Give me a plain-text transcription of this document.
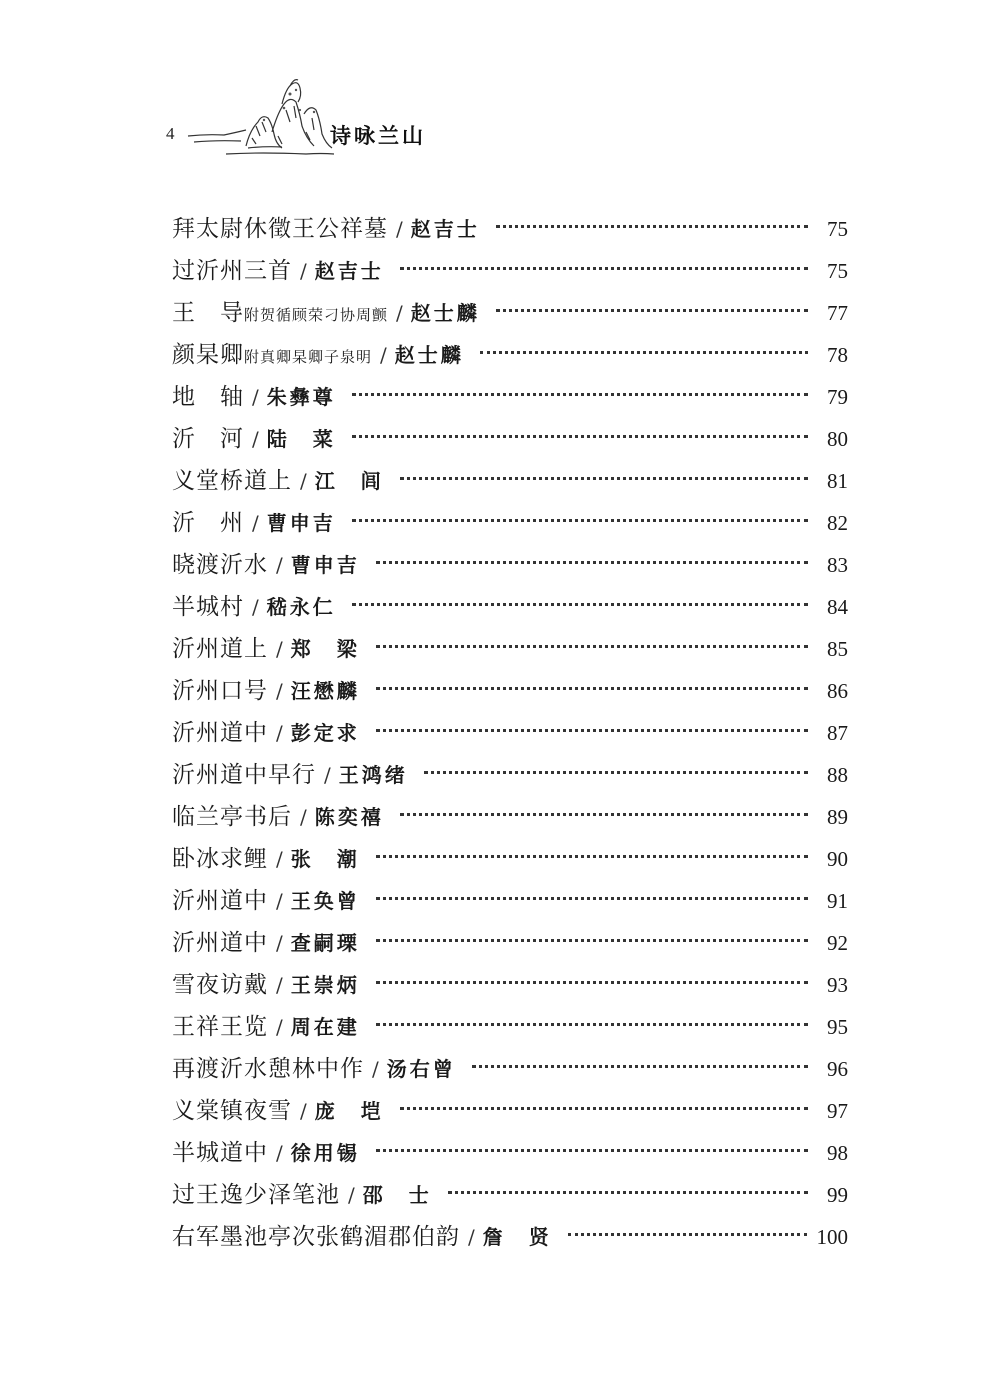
4	诗咏兰山
拜太尉休徵王公祥墓 / 赵吉士	75
过沂州三首 / 赵吉士	75
王　导 附贺循顾荣刁协周颤 / 赵士麟	77
颜杲卿 附真卿杲卿子泉明 / 赵士麟	78
地　轴 / 朱彝尊	79
沂　河 / 陆　菜	80
义堂桥道上 / 江　闾	81
沂　州 / 曹申吉	82
晓渡沂水 / 曹申吉	83
半城村 / 嵇永仁	84
沂州道上 / 郑　梁	85
沂州口号 / 汪懋麟	86
沂州道中 / 彭定求	87
沂州道中早行 / 王鸿绪	88
临兰亭书后 / 陈奕禧	89
卧冰求鲤 / 张　潮	90
沂州道中 / 王奂曾	91
沂州道中 / 查嗣瑮	92
雪夜访戴 / 王崇炳	93
王祥王览 / 周在建	95
再渡沂水憩林中作 / 汤右曾	96
义棠镇夜雪 / 庞　垲	97
半城道中 / 徐用锡	98
过王逸少泽笔池 / 邵　士	99
右军墨池亭次张鹤湄郡伯韵 / 詹　贤	100
